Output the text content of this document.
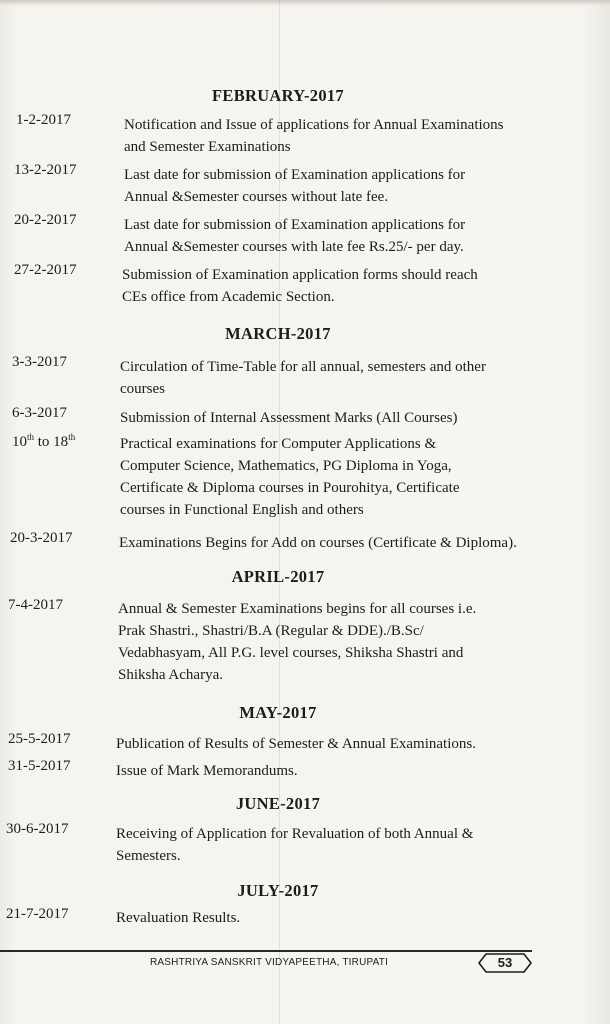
FEBRUARY-2017
1-2-2017	Notification and Issue of applications for Annual Examinations
and Semester Examinations
13-2-2017	Last date for submission of Examination applications for
Annual &Semester courses without late fee.
20-2-2017	Last date for submission of Examination applications for
Annual &Semester courses with late fee Rs.25/- per day.
27-2-2017	Submission of Examination application forms should reach
CEs office from Academic Section.
MARCH-2017
3-3-2017	Circulation of Time-Table for all annual, semesters and other
courses
6-3-2017	Submission of Internal Assessment Marks (All Courses)
10th to 18th	Practical examinations for Computer Applications &
Computer Science, Mathematics, PG Diploma in Yoga,
Certificate & Diploma courses in Pourohitya, Certificate
courses in Functional English and others
20-3-2017	Examinations Begins for Add on courses (Certificate & Diploma).
APRIL-2017
7-4-2017	Annual & Semester Examinations begins for all courses i.e.
Prak Shastri., Shastri/B.A (Regular & DDE)./B.Sc/
Vedabhasyam, All P.G. level courses, Shiksha Shastri and
Shiksha Acharya.
MAY-2017
25-5-2017	Publication of Results of Semester & Annual Examinations.
31-5-2017	Issue of Mark Memorandums.
JUNE-2017
30-6-2017	Receiving of Application for Revaluation of both Annual &
Semesters.
JULY-2017
21-7-2017	Revaluation Results.
RASHTRIYA SANSKRIT VIDYAPEETHA, TIRUPATI	53
